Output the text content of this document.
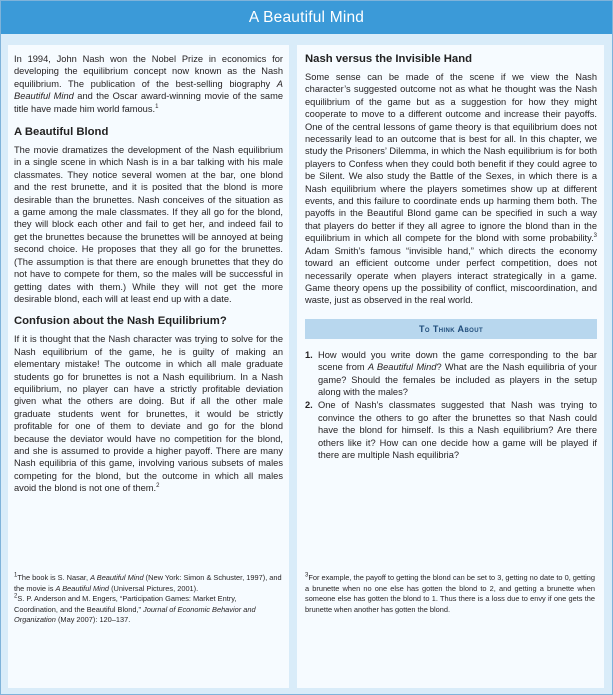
A Beautiful Mind

In 1994, John Nash won the Nobel Prize in economics for developing the equilibrium concept now known as the Nash equilibrium. The publication of the best-selling biography A Beautiful Mind and the Oscar award-winning movie of the same title have made him world famous.$^1$

A Beautiful Blond

The movie dramatizes the development of the Nash equilibrium in a single scene in which Nash is in a bar talking with his male classmates. They notice several women at the bar, one blond and the rest brunette, and it is posited that the blond is more desirable than the brunettes. Nash conceives of the situation as a game among the male classmates. If they all go for the blond, they will block each other and fail to get her, and indeed fail to get the brunettes because the brunettes will be annoyed at being second choice. He proposes that they all go for the brunettes. (The assumption is that there are enough brunettes that they do not have to compete for them, so the males will be successful in getting dates with them.) While they will not get the more desirable blond, each will at least end up with a date.

Confusion about the Nash Equilibrium?

If it is thought that the Nash character was trying to solve for the Nash equilibrium of the game, he is guilty of making an elementary mistake! The outcome in which all male graduate students go for brunettes is not a Nash equilibrium. In a Nash equilibrium, no player can have a strictly profitable deviation given what the others are doing. But if all the other male graduate students went for brunettes, it would be strictly profitable for one of them to deviate and go for the blond because the deviator would have no competition for the blond, and she is assumed to provide a higher payoff. There are many Nash equilibria of this game, involving various subsets of males competing for the blond, but the outcome in which all males avoid the blond is not one of them.$^2$

$^1$The book is S. Nasar, A Beautiful Mind (New York: Simon & Schuster, 1997), and the movie is A Beautiful Mind (Universal Pictures, 2001).

$^2$S. P. Anderson and M. Engers, “Participation Games: Market Entry, Coordination, and the Beautiful Blond,” Journal of Economic Behavior and Organization (May 2007): 120–137.

Nash versus the Invisible Hand

Some sense can be made of the scene if we view the Nash character’s suggested outcome not as what he thought was the Nash equilibrium of the game but as a suggestion for how they might cooperate to move to a different outcome and increase their payoffs. One of the central lessons of game theory is that equilibrium does not necessarily lead to an outcome that is best for all. In this chapter, we study the Prisoners’ Dilemma, in which the Nash equilibrium is for both players to Confess when they could both benefit if they could agree to be Silent. We also study the Battle of the Sexes, in which there is a Nash equilibrium where the players sometimes show up at different events, and this failure to coordinate ends up harming them both. The payoffs in the Beautiful Blond game can be specified in such a way that players do better if they all agree to ignore the blond than in the equilibrium in which all compete for the blond with some probability.$^3$ Adam Smith’s famous “invisible hand,” which directs the economy toward an efficient outcome under perfect competition, does not necessarily operate when players interact strategically in a game. Game theory opens up the possibility of conflict, miscoordination, and waste, just as observed in the real world.

To Think About
1. How would you write down the game corresponding to the bar scene from A Beautiful Mind? What are the Nash equilibria of your game? Should the females be included as players in the setup along with the males?
2. One of Nash’s classmates suggested that Nash was trying to convince the others to go after the brunettes so that Nash could have the blond for himself. Is this a Nash equilibrium? Are there others like it? How can one decide how a game will be played if there are multiple Nash equilibria?

$^3$For example, the payoff to getting the blond can be set to 3, getting no date to 0, getting a brunette when no one else has gotten the blond to 2, and getting a brunette when someone else has gotten the blond to 1. Thus there is a loss due to envy if one gets the brunette when another has gotten the blond.
